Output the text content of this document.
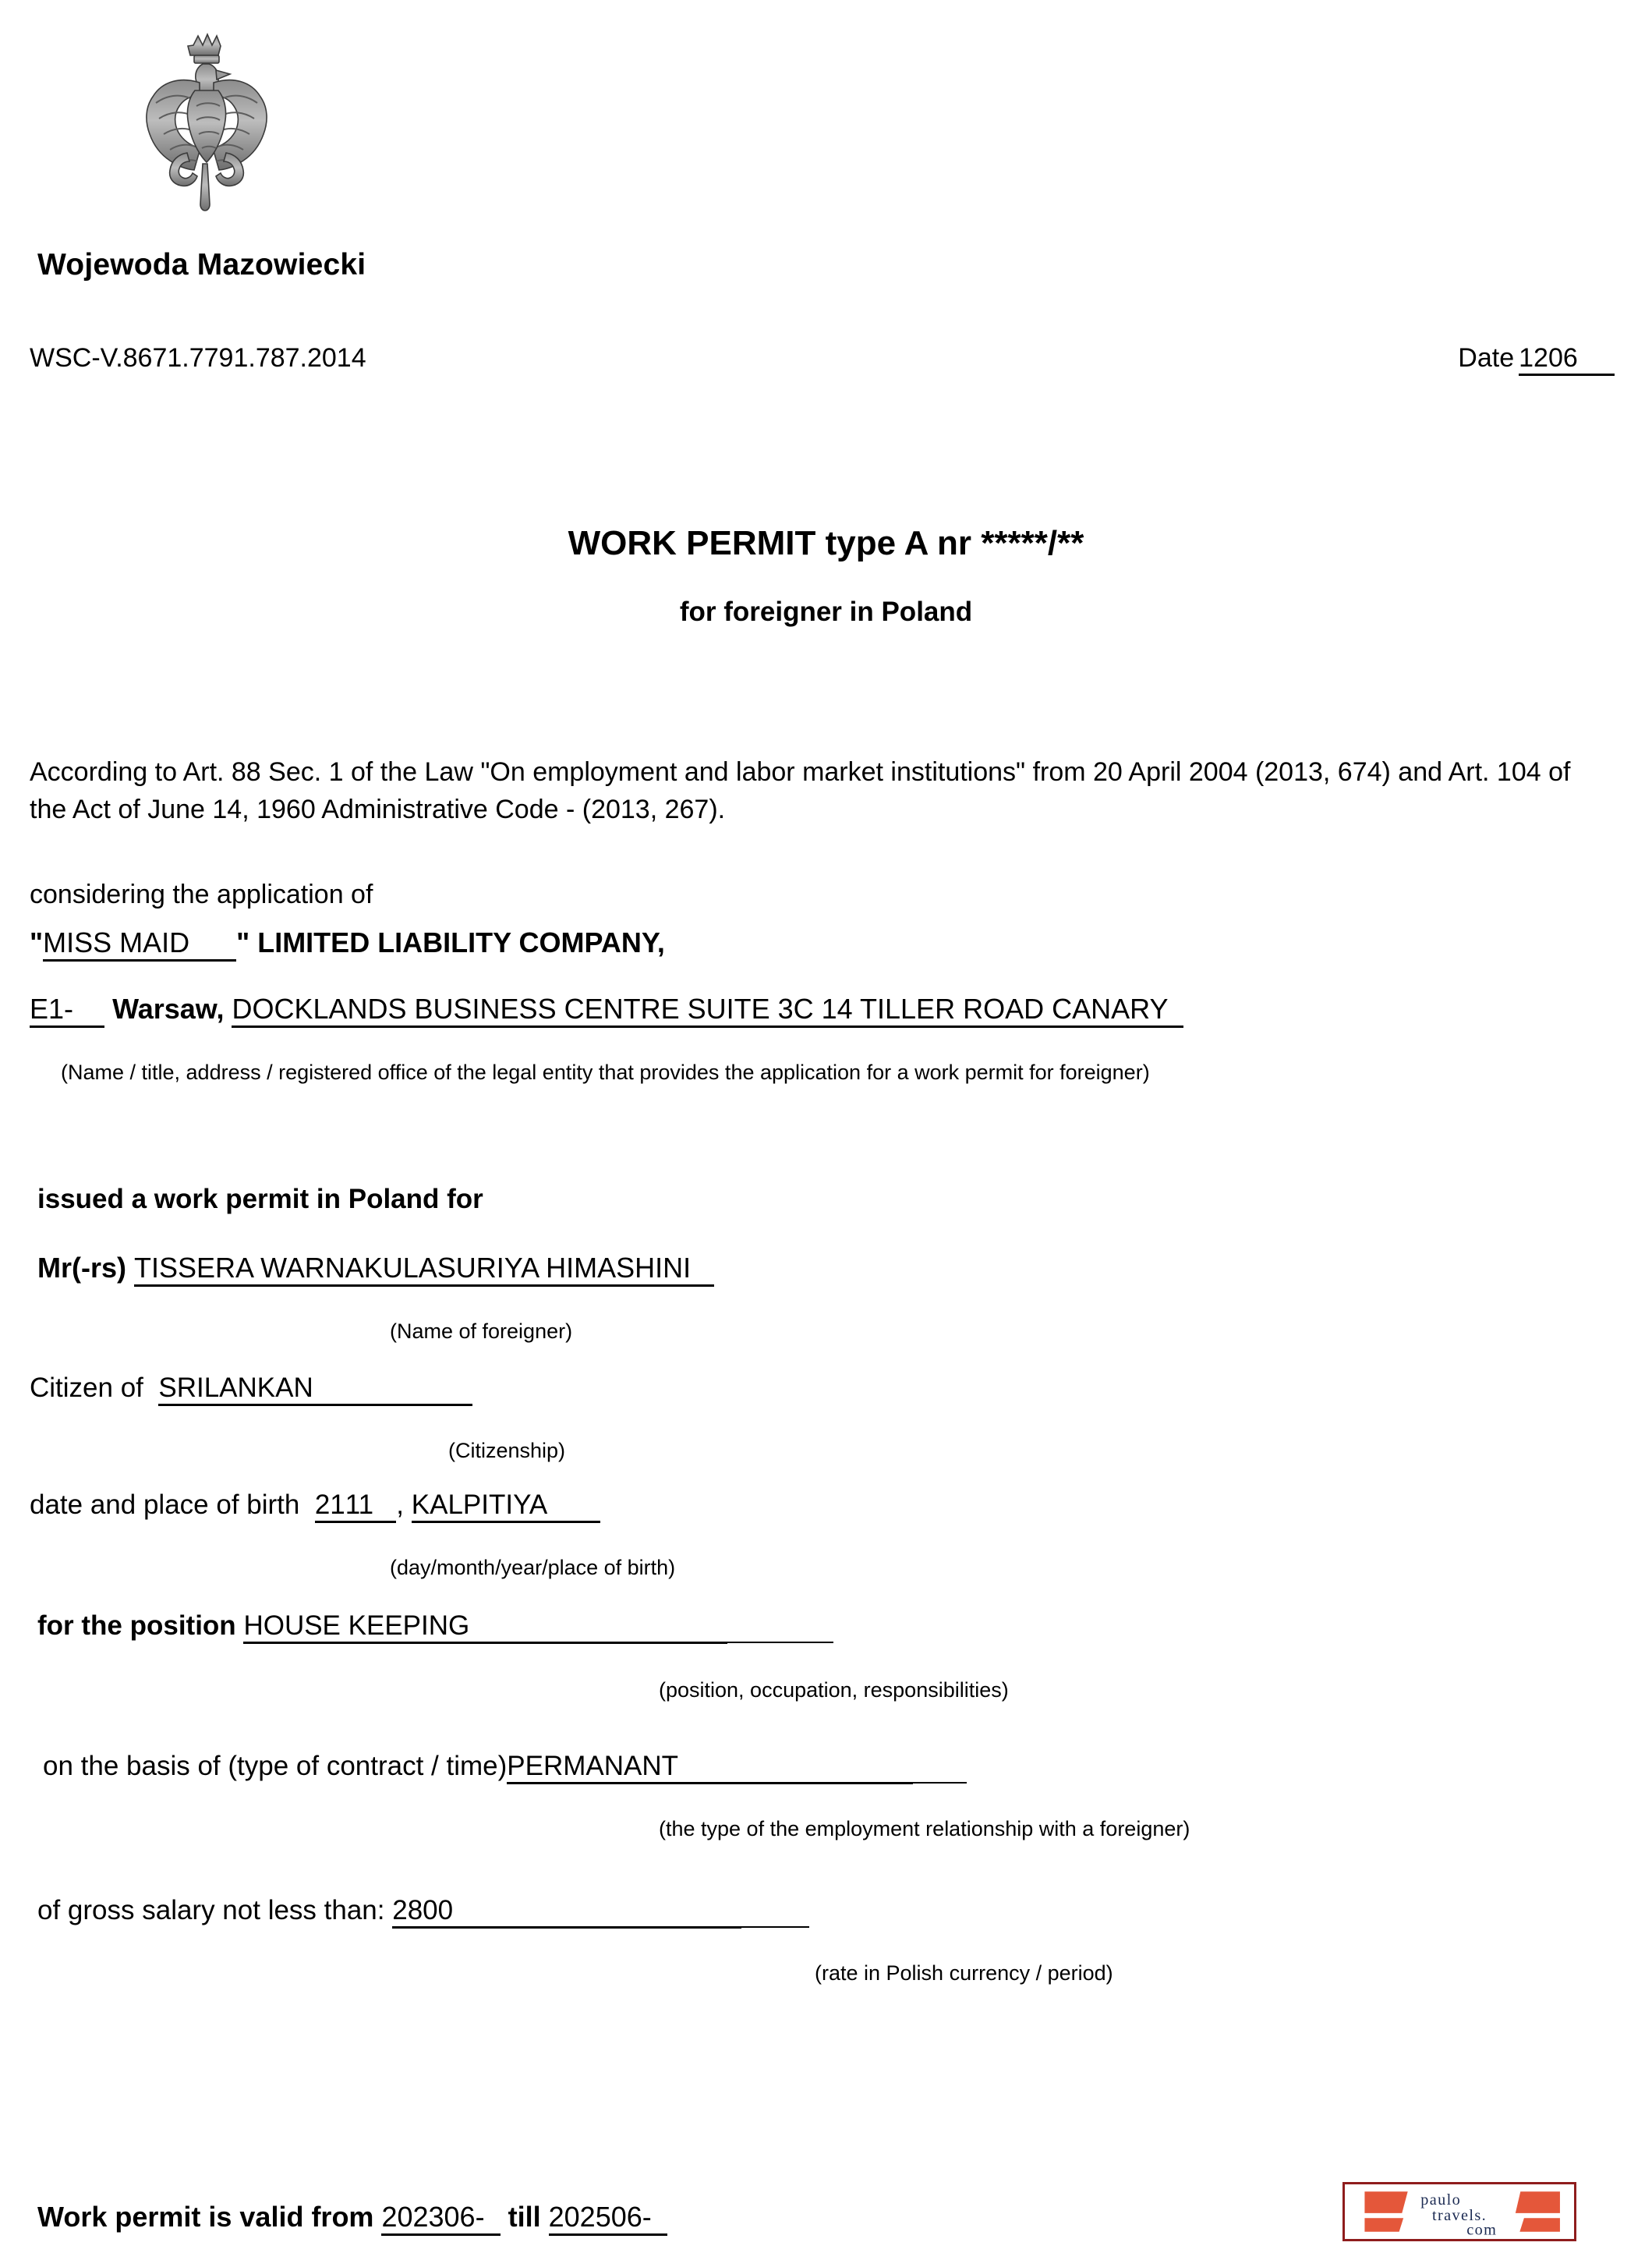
Wojewoda Mazowiecki
WSC-V.8671.7791.787.2014	Date 1206
WORK PERMIT type A nr *****/**
for foreigner in Poland
According to Art. 88 Sec. 1 of the Law "On employment and labor market institutions" from 20 April 2004 (2013, 674) and Art. 104 of the Act of June 14, 1960 Administrative Code - (2013, 267).
considering the application of
"MISS MAID " LIMITED LIABILITY COMPANY,
E1- Warsaw, DOCKLANDS BUSINESS CENTRE SUITE 3C 14 TILLER ROAD CANARY
(Name / title, address / registered office of the legal entity that provides the application for a work permit for foreigner)
issued a work permit in Poland for
Mr(-rs) TISSERA WARNAKULASURIYA HIMASHINI
(Name of foreigner)
Citizen of SRILANKAN
(Citizenship)
date and place of birth 2111 , KALPITIYA
(day/month/year/place of birth)
for the position HOUSE KEEPING
(position, occupation, responsibilities)
on the basis of (type of contract / time)PERMANANT
(the type of the employment relationship with a foreigner)
of gross salary not less than: 2800
(rate in Polish currency / period)
Work permit is valid from 202306- till 202506-
paulo
travels.
com
